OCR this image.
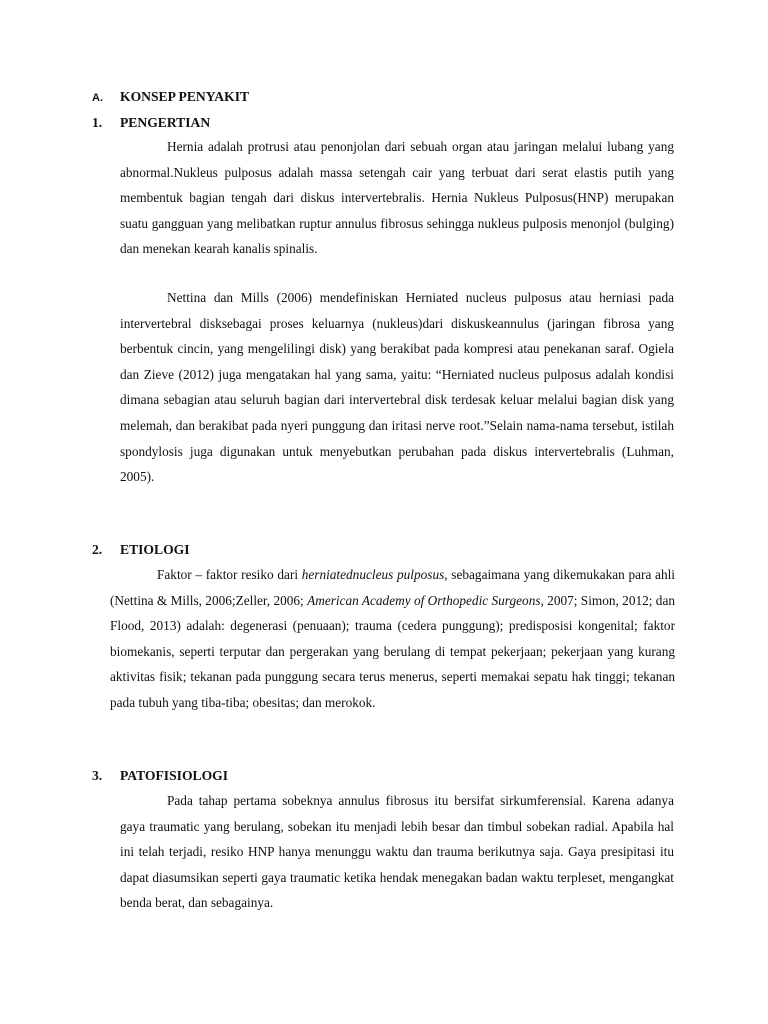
A. KONSEP PENYAKIT
1. PENGERTIAN

Hernia adalah protrusi atau penonjolan dari sebuah organ atau jaringan melalui lubang yang abnormal.Nukleus pulposus adalah massa setengah cair yang terbuat dari serat elastis putih yang membentuk bagian tengah dari diskus intervertebralis. Hernia Nukleus Pulposus(HNP) merupakan suatu gangguan yang melibatkan ruptur annulus fibrosus sehingga nukleus pulposis menonjol (bulging) dan menekan kearah kanalis spinalis.

Nettina dan Mills (2006) mendefiniskan Herniated nucleus pulposus atau herniasi pada intervertebral disksebagai proses keluarnya (nukleus)dari diskuskeannulus (jaringan fibrosa yang berbentuk cincin, yang mengelilingi disk) yang berakibat pada kompresi atau penekanan saraf. Ogiela dan Zieve (2012) juga mengatakan hal yang sama, yaitu: “Herniated nucleus pulposus adalah kondisi dimana sebagian atau seluruh bagian dari intervertebral disk terdesak keluar melalui bagian disk yang melemah, dan berakibat pada nyeri punggung dan iritasi nerve root.”Selain nama-nama tersebut, istilah spondylosis juga digunakan untuk menyebutkan perubahan pada diskus intervertebralis (Luhman, 2005).

2. ETIOLOGI

Faktor – faktor resiko dari herniatednucleus pulposus, sebagaimana yang dikemukakan para ahli (Nettina & Mills, 2006;Zeller, 2006; American Academy of Orthopedic Surgeons, 2007; Simon, 2012; dan Flood, 2013) adalah: degenerasi (penuaan); trauma (cedera punggung); predisposisi kongenital; faktor biomekanis, seperti terputar dan pergerakan yang berulang di tempat pekerjaan; pekerjaan yang kurang aktivitas fisik; tekanan pada punggung secara terus menerus, seperti memakai sepatu hak tinggi; tekanan pada tubuh yang tiba-tiba; obesitas; dan merokok.

3. PATOFISIOLOGI

Pada tahap pertama sobeknya annulus fibrosus itu bersifat sirkumferensial. Karena adanya gaya traumatic yang berulang, sobekan itu menjadi lebih besar dan timbul sobekan radial. Apabila hal ini telah terjadi, resiko HNP hanya menunggu waktu dan trauma berikutnya saja. Gaya presipitasi itu dapat diasumsikan seperti gaya traumatic ketika hendak menegakan badan waktu terpleset, mengangkat benda berat, dan sebagainya.
